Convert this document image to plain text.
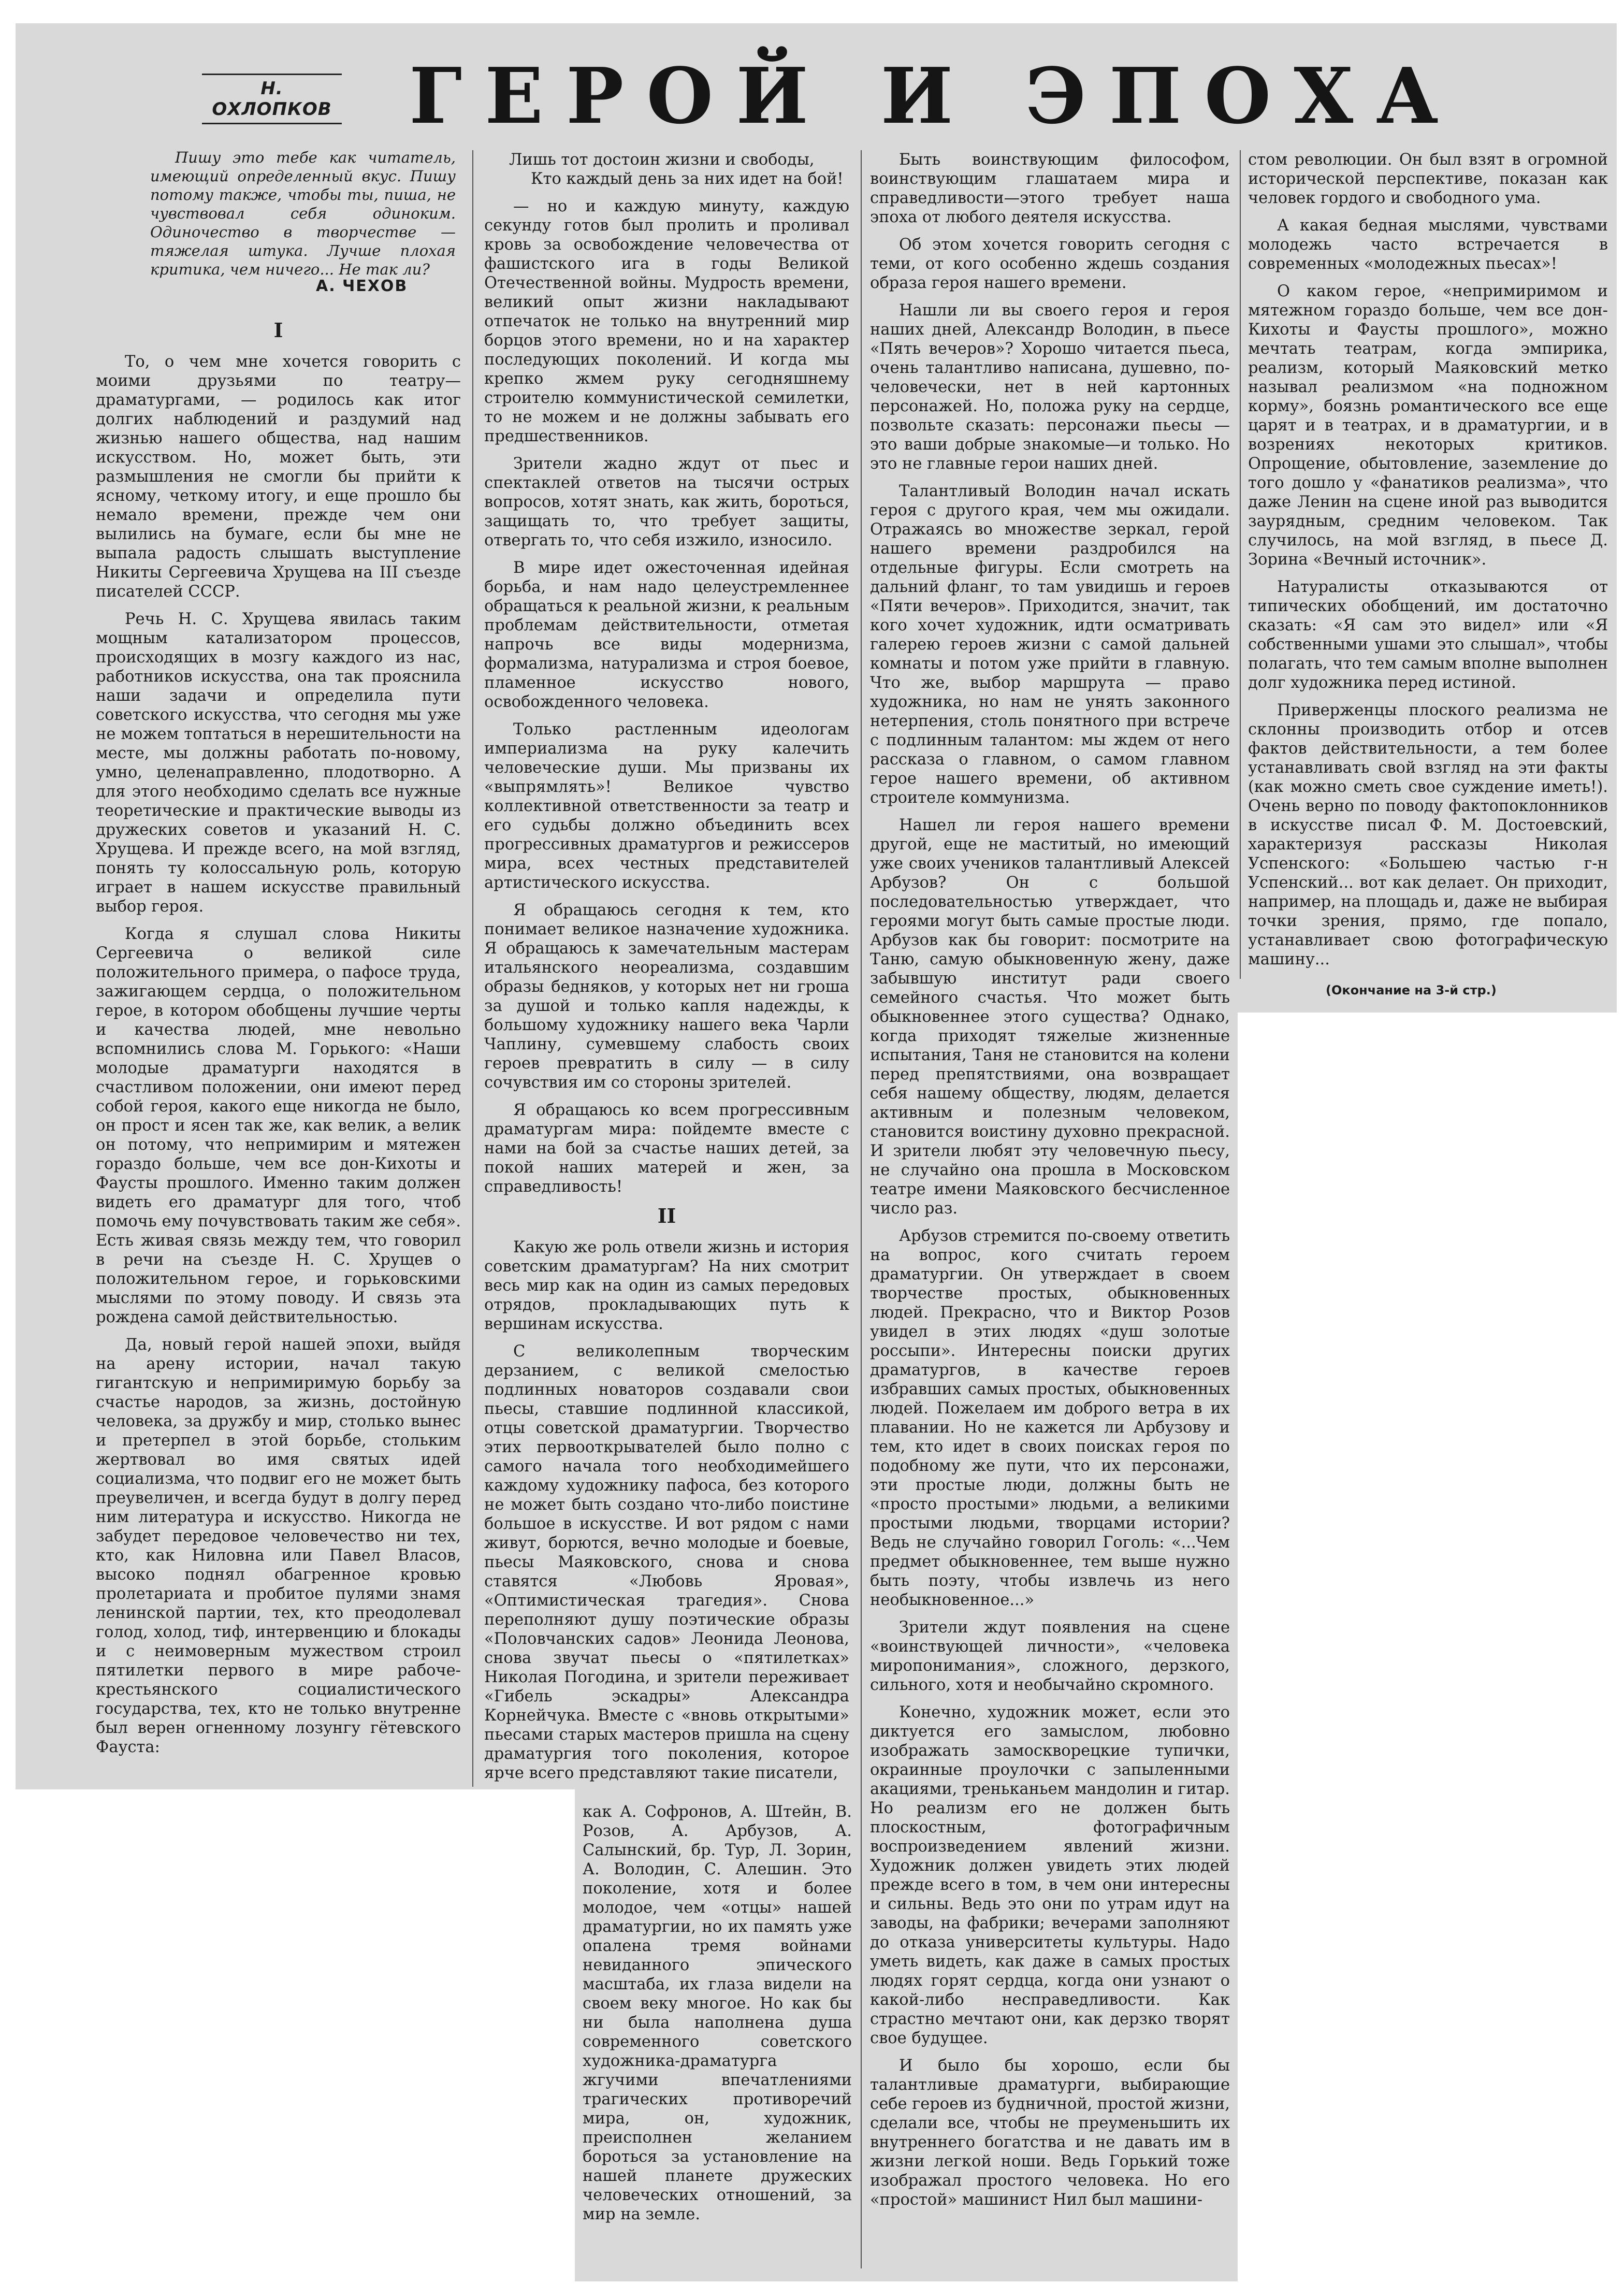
Н. ОХЛОПКОВ ГЕРОЙ И ЭПОХА

Пишу это тебе как читатель, имеющий определенный вкус. Пишу потому также, чтобы ты, пиша, не чувствовал себя одиноким. Одиночество в творчестве — тяжелая штука. Лучше плохая критика, чем ничего... Не так ли?

А. ЧЕХОВ

I

То, о чем мне хочется говорить с моими друзьями по театру—драматургами, — родилось как итог долгих наблюдений и раздумий над жизнью нашего общества, над нашим искусством. Но, может быть, эти размышления не смогли бы прийти к ясному, четкому итогу, и еще прошло бы немало времени, прежде чем они вылились на бумаге, если бы мне не выпала радость слышать выступление Никиты Сергеевича Хрущева на III съезде писателей СССР.

Речь Н. С. Хрущева явилась таким мощным катализатором процессов, происходящих в мозгу каждого из нас, работников искусства, она так прояснила наши задачи и определила пути советского искусства, что сегодня мы уже не можем топтаться в нерешительности на месте, мы должны работать по-новому, умно, целенаправленно, плодотворно. А для этого необходимо сделать все нужные теоретические и практические выводы из дружеских советов и указаний Н. С. Хрущева. И прежде всего, на мой взгляд, понять ту колоссальную роль, которую играет в нашем искусстве правильный выбор героя.

Когда я слушал слова Никиты Сергеевича о великой силе положительного примера, о пафосе труда, зажигающем сердца, о положительном герое, в котором обобщены лучшие черты и качества людей, мне невольно вспомнились слова М. Горького: «Наши молодые драматурги находятся в счастливом положении, они имеют перед собой героя, какого еще никогда не было, он прост и ясен так же, как велик, а велик он потому, что непримирим и мятежен гораздо больше, чем все дон-Кихоты и Фаусты прошлого. Именно таким должен видеть его драматург для того, чтоб помочь ему почувствовать таким же себя». Есть живая связь между тем, что говорил в речи на съезде Н. С. Хрущев о положительном герое, и горьковскими мыслями по этому поводу. И связь эта рождена самой действительностью.

Да, новый герой нашей эпохи, выйдя на арену истории, начал такую гигантскую и непримиримую борьбу за счастье народов, за жизнь, достойную человека, за дружбу и мир, столько вынес и претерпел в этой борьбе, стольким жертвовал во имя святых идей социализма, что подвиг его не может быть преувеличен, и всегда будут в долгу перед ним литература и искусство. Никогда не забудет передовое человечество ни тех, кто, как Ниловна или Павел Власов, высоко поднял обагренное кровью пролетариата и пробитое пулями знамя ленинской партии, тех, кто преодолевал голод, холод, тиф, интервенцию и блокады и с неимоверным мужеством строил пятилетки первого в мире рабоче-крестьянского социалистического государства, тех, кто не только внутренне был верен огненному лозунгу гётевского Фауста:

Лишь тот достоин жизни и свободы,

Кто каждый день за них идет на бой!

— но и каждую минуту, каждую секунду готов был пролить и проливал кровь за освобождение человечества от фашистского ига в годы Великой Отечественной войны. Мудрость времени, великий опыт жизни накладывают отпечаток не только на внутренний мир борцов этого времени, но и на характер последующих поколений. И когда мы крепко жмем руку сегодняшнему строителю коммунистической семилетки, то не можем и не должны забывать его предшественников.

Зрители жадно ждут от пьес и спектаклей ответов на тысячи острых вопросов, хотят знать, как жить, бороться, защищать то, что требует защиты, отвергать то, что себя изжило, износило.

В мире идет ожесточенная идейная борьба, и нам надо целеустремленнее обращаться к реальной жизни, к реальным проблемам действительности, отметая напрочь все виды модернизма, формализма, натурализма и строя боевое, пламенное искусство нового, освобожденного человека.

Только растленным идеологам империализма на руку калечить человеческие души. Мы призваны их «выпрямлять»! Великое чувство коллективной ответственности за театр и его судьбы должно объединить всех прогрессивных драматургов и режиссеров мира, всех честных представителей артистического искусства.

Я обращаюсь сегодня к тем, кто понимает великое назначение художника. Я обращаюсь к замечательным мастерам итальянского неореализма, создавшим образы бедняков, у которых нет ни гроша за душой и только капля надежды, к большому художнику нашего века Чарли Чаплину, сумевшему слабость своих героев превратить в силу — в силу сочувствия им со стороны зрителей.

Я обращаюсь ко всем прогрессивным драматургам мира: пойдемте вместе с нами на бой за счастье наших детей, за покой наших матерей и жен, за справедливость!

II

Какую же роль отвели жизнь и история советским драматургам? На них смотрит весь мир как на один из самых передовых отрядов, прокладывающих путь к вершинам искусства.

С великолепным творческим дерзанием, с великой смелостью подлинных новаторов создавали свои пьесы, ставшие подлинной классикой, отцы советской драматургии. Творчество этих первооткрывателей было полно с самого начала того необходимейшего каждому художнику пафоса, без которого не может быть создано что-либо поистине большое в искусстве. И вот рядом с нами живут, борются, вечно молодые и боевые, пьесы Маяковского, снова и снова ставятся «Любовь Яровая», «Оптимистическая трагедия». Снова переполняют душу поэтические образы «Половчанских садов» Леонида Леонова, снова звучат пьесы о «пятилетках» Николая Погодина, и зрители переживает «Гибель эскадры» Александра Корнейчука. Вместе с «вновь открытыми» пьесами старых мастеров пришла на сцену драматургия того поколения, которое ярче всего представляют такие писатели,

как А. Софронов, А. Штейн, В. Розов, А. Арбузов, А. Салынский, бр. Тур, Л. Зорин, А. Володин, С. Алешин. Это поколение, хотя и более молодое, чем «отцы» нашей драматургии, но их память уже опалена тремя войнами невиданного эпического масштаба, их глаза видели на своем веку многое. Но как бы ни была наполнена душа современного советского художника-драматурга жгучими впечатлениями трагических противоречий мира, он, художник, преисполнен желанием бороться за установление на нашей планете дружеских человеческих отношений, за мир на земле.

Быть воинствующим философом, воинствующим глашатаем мира и справедливости—этого требует наша эпоха от любого деятеля искусства.

Об этом хочется говорить сегодня с теми, от кого особенно ждешь создания образа героя нашего времени.

Нашли ли вы своего героя и героя наших дней, Александр Володин, в пьесе «Пять вечеров»? Хорошо читается пьеса, очень талантливо написана, душевно, по-человечески, нет в ней картонных персонажей. Но, положа руку на сердце, позвольте сказать: персонажи пьесы — это ваши добрые знакомые—и только. Но это не главные герои наших дней.

Талантливый Володин начал искать героя с другого края, чем мы ожидали. Отражаясь во множестве зеркал, герой нашего времени раздробился на отдельные фигуры. Если смотреть на дальний фланг, то там увидишь и героев «Пяти вечеров». Приходится, значит, так кого хочет художник, идти осматривать галерею героев жизни с самой дальней комнаты и потом уже прийти в главную. Что же, выбор маршрута — право художника, но нам не унять законного нетерпения, столь понятного при встрече с подлинным талантом: мы ждем от него рассказа о главном, о самом главном герое нашего времени, об активном строителе коммунизма.

Нашел ли героя нашего времени другой, еще не маститый, но имеющий уже своих учеников талантливый Алексей Арбузов? Он с большой последовательностью утверждает, что героями могут быть самые простые люди. Арбузов как бы говорит: посмотрите на Таню, самую обыкновенную жену, даже забывшую институт ради своего семейного счастья. Что может быть обыкновеннее этого существа? Однако, когда приходят тяжелые жизненные испытания, Таня не становится на колени перед препятствиями, она возвращает себя нашему обществу, людям, делается активным и полезным человеком, становится воистину духовно прекрасной. И зрители любят эту человечную пьесу, не случайно она прошла в Московском театре имени Маяковского бесчисленное число раз.

Арбузов стремится по-своему ответить на вопрос, кого считать героем драматургии. Он утверждает в своем творчестве простых, обыкновенных людей. Прекрасно, что и Виктор Розов увидел в этих людях «душ золотые россыпи». Интересны поиски других драматургов, в качестве героев избравших самых простых, обыкновенных людей. Пожелаем им доброго ветра в их плавании. Но не кажется ли Арбузову и тем, кто идет в своих поисках героя по подобному же пути, что их персонажи, эти простые люди, должны быть не «просто простыми» людьми, а великими простыми людьми, творцами истории? Ведь не случайно говорил Гоголь: «...Чем предмет обыкновеннее, тем выше нужно быть поэту, чтобы извлечь из него необыкновенное...»

Зрители ждут появления на сцене «воинствующей личности», «человека миропонимания», сложного, дерзкого, сильного, хотя и необычайно скромного.

Конечно, художник может, если это диктуется его замыслом, любовно изображать замоскворецкие тупички, окраинные проулочки с запыленными акациями, треньканьем мандолин и гитар. Но реализм его не должен быть плоскостным, фотографичным воспроизведением явлений жизни. Художник должен увидеть этих людей прежде всего в том, в чем они интересны и сильны. Ведь это они по утрам идут на заводы, на фабрики; вечерами заполняют до отказа университеты культуры. Надо уметь видеть, как даже в самых простых людях горят сердца, когда они узнают о какой-либо несправедливости. Как страстно мечтают они, как дерзко творят свое будущее.

И было бы хорошо, если бы талантливые драматурги, выбирающие себе героев из будничной, простой жизни, сделали все, чтобы не преуменьшить их внутреннего богатства и не давать им в жизни легкой ноши. Ведь Горький тоже изображал простого человека. Но его «простой» машинист Нил был машини-

стом революции. Он был взят в огромной исторической перспективе, показан как человек гордого и свободного ума.

А какая бедная мыслями, чувствами молодежь часто встречается в современных «молодежных пьесах»!

О каком герое, «непримиримом и мятежном гораздо больше, чем все дон-Кихоты и Фаусты прошлого», можно мечтать театрам, когда эмпирика, реализм, который Маяковский метко называл реализмом «на подножном корму», боязнь романтического все еще царят и в театрах, и в драматургии, и в возрениях некоторых критиков. Опрощение, обытовление, заземление до того дошло у «фанатиков реализма», что даже Ленин на сцене иной раз выводится заурядным, средним человеком. Так случилось, на мой взгляд, в пьесе Д. Зорина «Вечный источник».

Натуралисты отказываются от типических обобщений, им достаточно сказать: «Я сам это видел» или «Я собственными ушами это слышал», чтобы полагать, что тем самым вполне выполнен долг художника перед истиной.

Приверженцы плоского реализма не склонны производить отбор и отсев фактов действительности, а тем более устанавливать свой взгляд на эти факты (как можно сметь свое суждение иметь!). Очень верно по поводу фактопоклонников в искусстве писал Ф. М. Достоевский, характеризуя рассказы Николая Успенского: «Большею частью г-н Успенский... вот как делает. Он приходит, например, на площадь и, даже не выбирая точки зрения, прямо, где попало, устанавливает свою фотографическую машину...

(Окончание на 3-й стр.)
